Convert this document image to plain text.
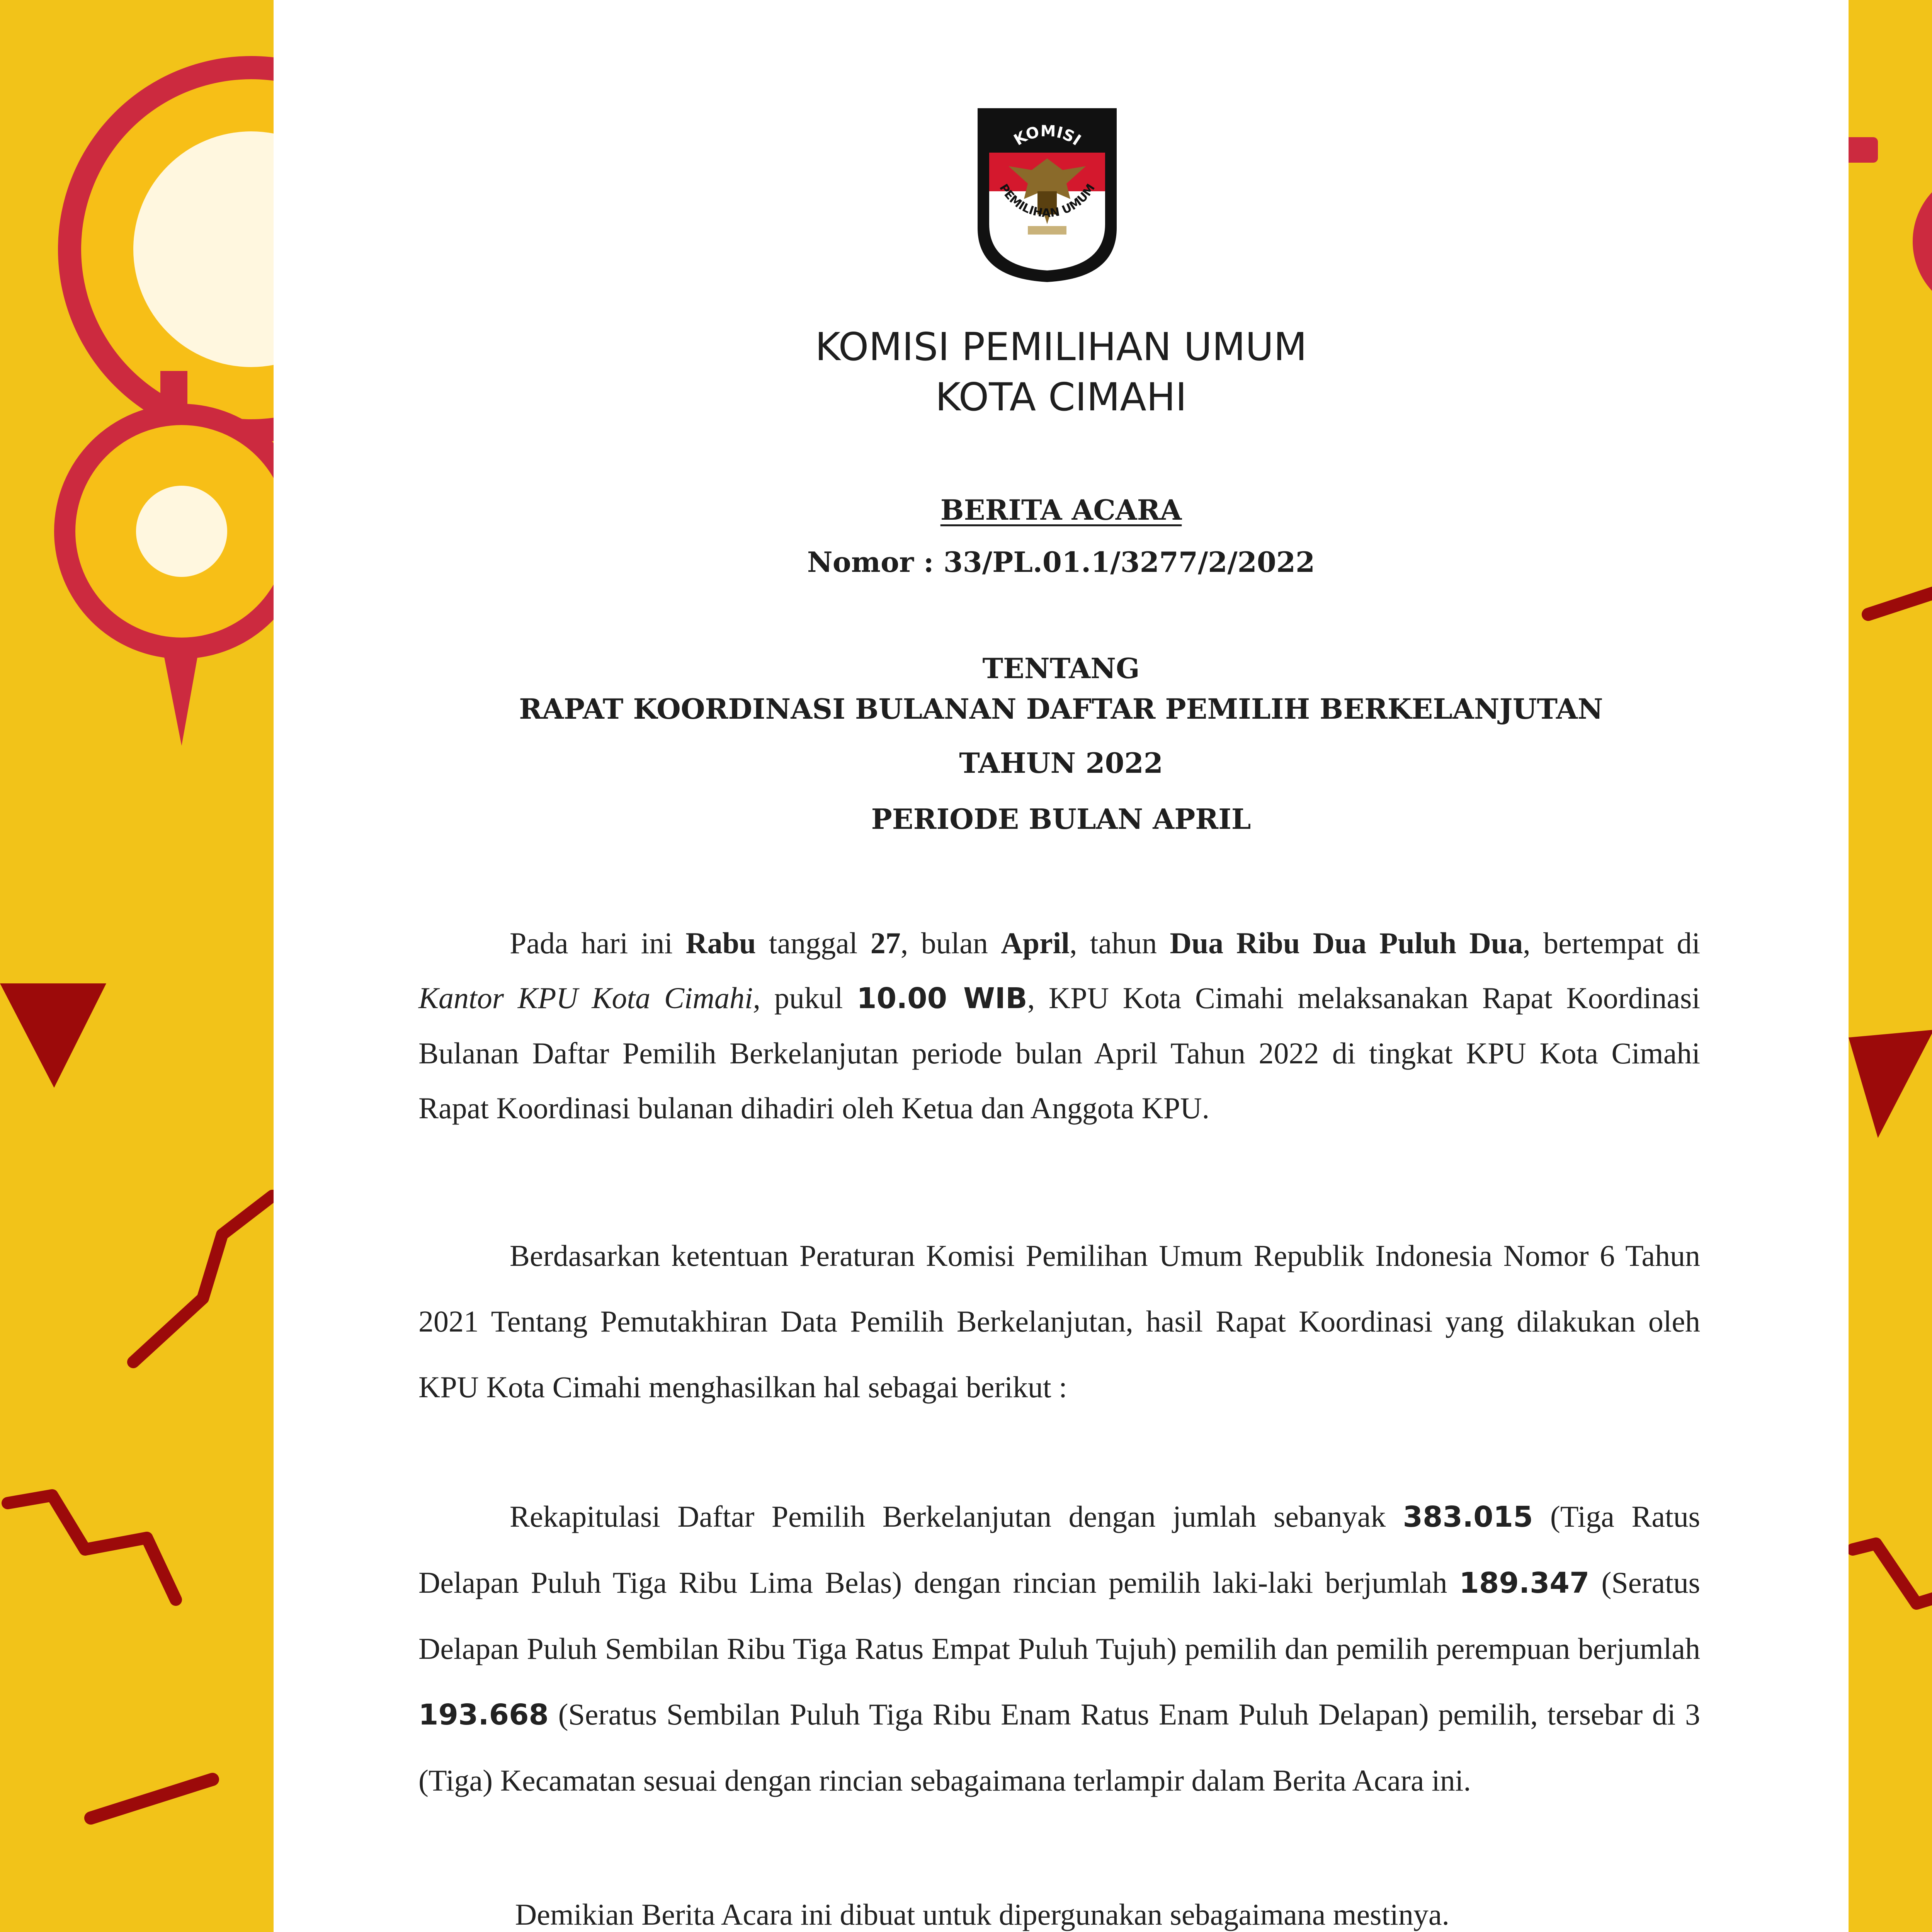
KOMISI
PEMILIHAN UMUM
KOMISI PEMILIHAN UMUM
KOTA CIMAHI
BERITA ACARA
Nomor : 33/PL.01.1/3277/2/2022
TENTANG
RAPAT KOORDINASI BULANAN DAFTAR PEMILIH BERKELANJUTAN
TAHUN 2022
PERIODE BULAN APRIL
Pada hari ini Rabu tanggal 27, bulan April, tahun Dua Ribu Dua Puluh Dua, bertempat di Kantor KPU Kota Cimahi, pukul 10.00 WIB, KPU Kota Cimahi melaksanakan Rapat Koordinasi Bulanan Daftar Pemilih Berkelanjutan periode bulan April Tahun 2022 di tingkat KPU Kota Cimahi Rapat Koordinasi bulanan dihadiri oleh Ketua dan Anggota KPU.
Berdasarkan ketentuan Peraturan Komisi Pemilihan Umum Republik Indonesia Nomor 6 Tahun 2021 Tentang Pemutakhiran Data Pemilih Berkelanjutan, hasil Rapat Koordinasi yang dilakukan oleh KPU Kota Cimahi menghasilkan hal sebagai berikut :
Rekapitulasi Daftar Pemilih Berkelanjutan dengan jumlah sebanyak 383.015 (Tiga Ratus Delapan Puluh Tiga Ribu Lima Belas) dengan rincian pemilih laki-laki berjumlah 189.347 (Seratus Delapan Puluh Sembilan Ribu Tiga Ratus Empat Puluh Tujuh) pemilih dan pemilih perempuan berjumlah 193.668 (Seratus Sembilan Puluh Tiga Ribu Enam Ratus Enam Puluh Delapan) pemilih, tersebar di 3 (Tiga) Kecamatan sesuai dengan rincian sebagaimana terlampir dalam Berita Acara ini.
Demikian Berita Acara ini dibuat untuk dipergunakan sebagaimana mestinya.
